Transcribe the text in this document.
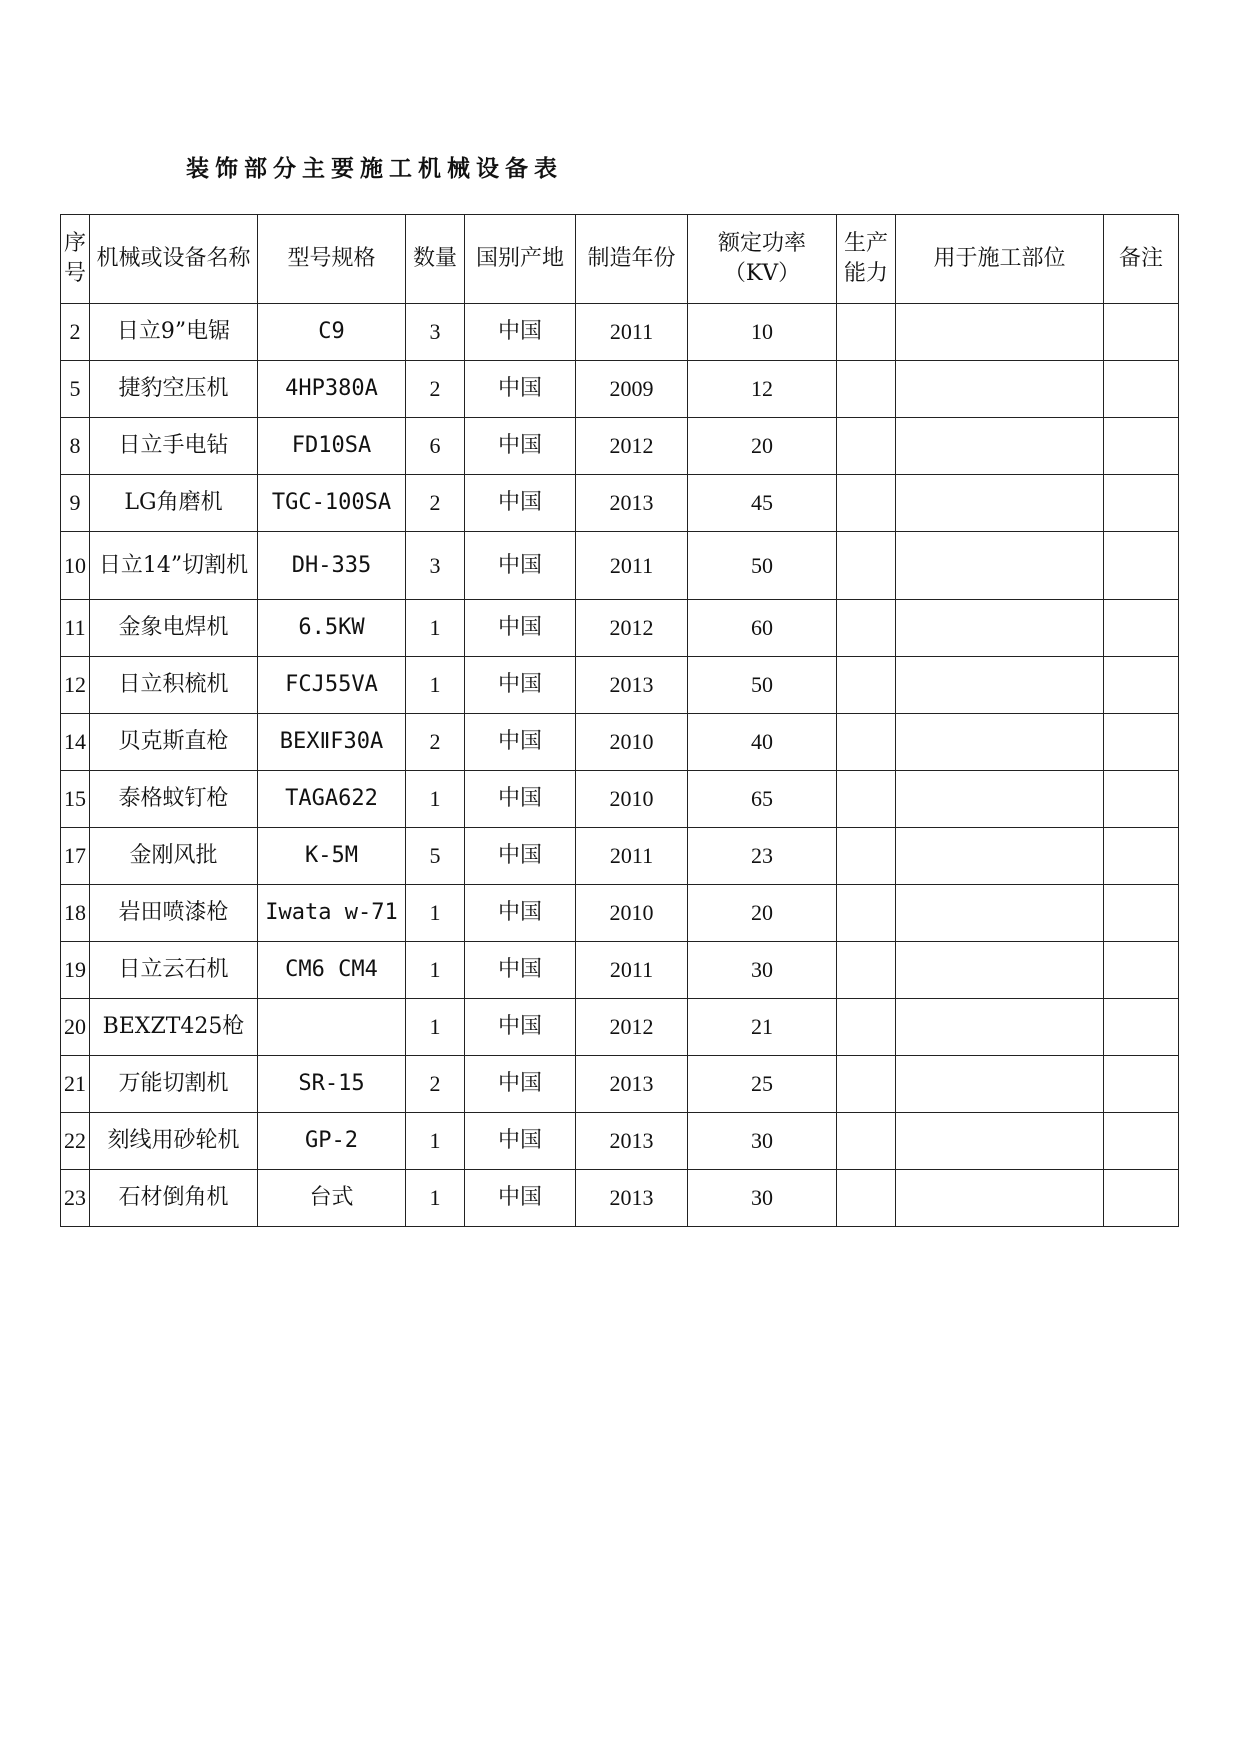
装饰部分主要施工机械设备表
序号	机械或设备名称	型号规格	数量	国别产地	制造年份	额定功率（KV）	生产能力	用于施工部位	备注
2	日立9”电锯	C9	3	中国	2011	10			
5	捷豹空压机	4HP380A	2	中国	2009	12			
8	日立手电钻	FD10SA	6	中国	2012	20			
9	LG角磨机	TGC-100SA	2	中国	2013	45			
10	日立14”切割机	DH-335	3	中国	2011	50			
11	金象电焊机	6.5KW	1	中国	2012	60			
12	日立积梳机	FCJ55VA	1	中国	2013	50			
14	贝克斯直枪	BEXⅡF30A	2	中国	2010	40			
15	泰格蚊钉枪	TAGA622	1	中国	2010	65			
17	金刚风批	K-5M	5	中国	2011	23			
18	岩田喷漆枪	Iwata w-71	1	中国	2010	20			
19	日立云石机	CM6 CM4	1	中国	2011	30			
20	BEXZT425枪		1	中国	2012	21			
21	万能切割机	SR-15	2	中国	2013	25			
22	刻线用砂轮机	GP-2	1	中国	2013	30			
23	石材倒角机	台式	1	中国	2013	30			
